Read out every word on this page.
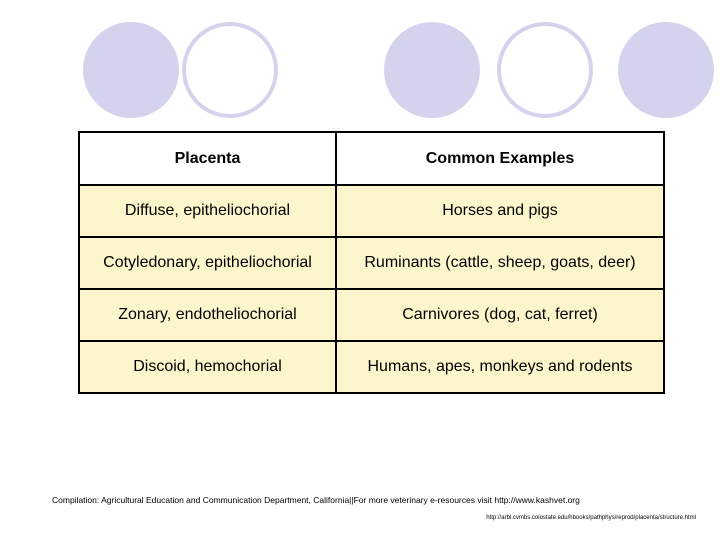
Placenta	Common Examples
Diffuse, epitheliochorial	Horses and pigs
Cotyledonary, epitheliochorial	Ruminants (cattle, sheep, goats, deer)
Zonary, endotheliochorial	Carnivores (dog, cat, ferret)
Discoid, hemochorial	Humans, apes, monkeys and rodents
Compilation: Agricultural Education and Communication Department, California||For more veterinary e-resources visit http://www.kashvet.org
http://arbl.cvmbs.colostate.edu/hbooks/pathphys/reprod/placenta/structure.html
